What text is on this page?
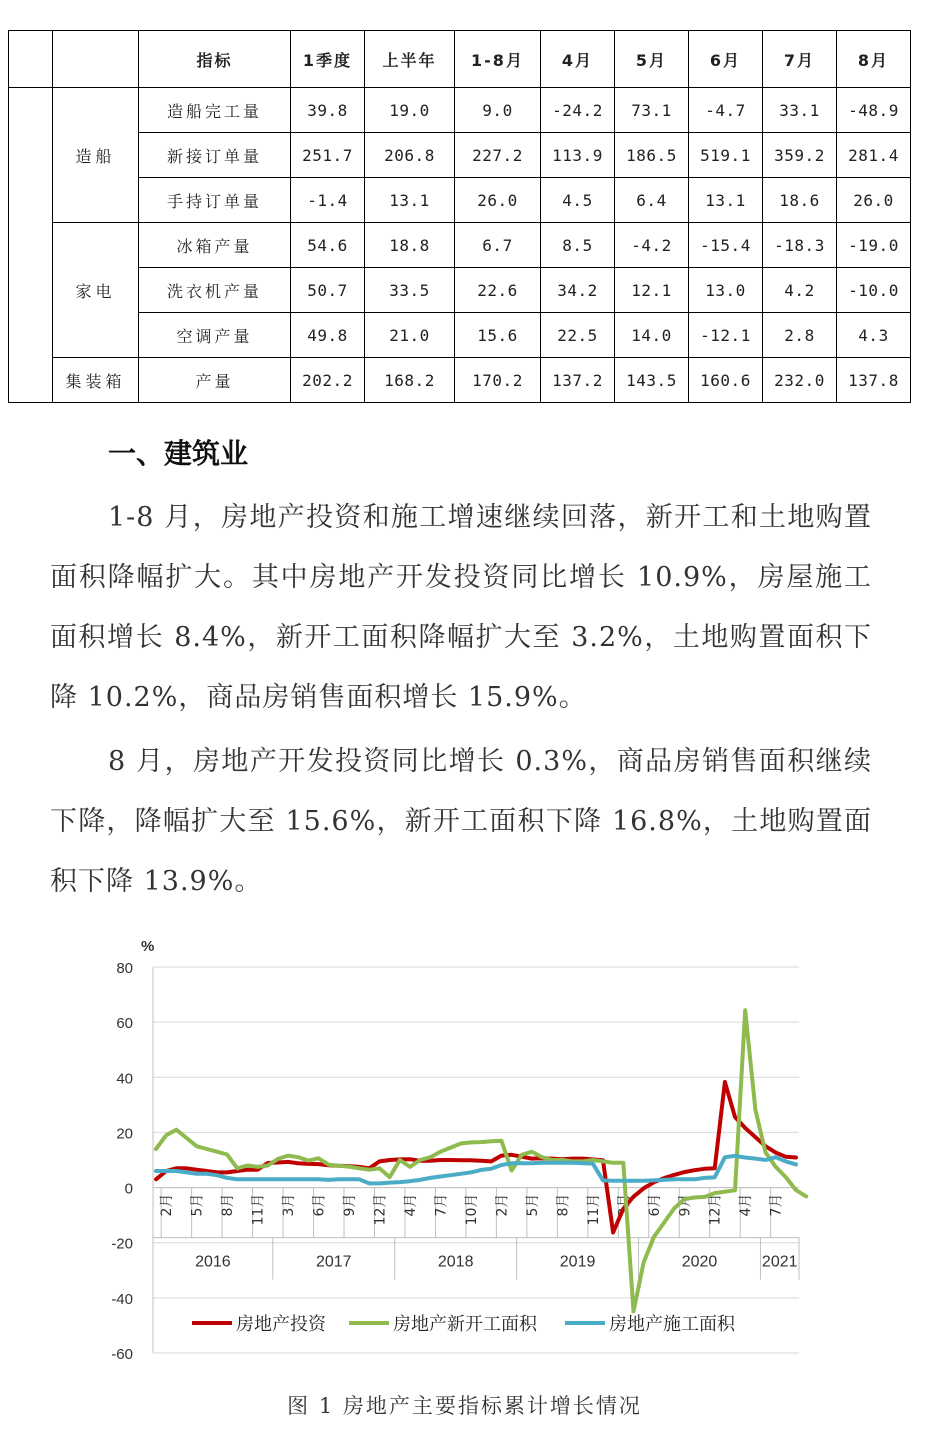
		指标	1季度	上半年	1-8月	4月	5月	6月	7月	8月
	造船	造船完工量	39.8	19.0	9.0	-24.2	73.1	-4.7	33.1	-48.9
		新接订单量	251.7	206.8	227.2	113.9	186.5	519.1	359.2	281.4
		手持订单量	-1.4	13.1	26.0	4.5	6.4	13.1	18.6	26.0
	家电	冰箱产量	54.6	18.8	6.7	8.5	-4.2	-15.4	-18.3	-19.0
		洗衣机产量	50.7	33.5	22.6	34.2	12.1	13.0	4.2	-10.0
		空调产量	49.8	21.0	15.6	22.5	14.0	-12.1	2.8	4.3
	集装箱	产量	202.2	168.2	170.2	137.2	143.5	160.6	232.0	137.8
一、建筑业

1-8 月，房地产投资和施工增速继续回落，新开工和土地购置面积降幅扩大。其中房地产开发投资同比增长 10.9%，房屋施工面积增长 8.4%，新开工面积降幅扩大至 3.2%，土地购置面积下降 10.2%，商品房销售面积增长 15.9%。

8 月，房地产开发投资同比增长 0.3%，商品房销售面积继续下降，降幅扩大至 15.6%，新开工面积下降 16.8%，土地购置面积下降 13.9%。

80
60
40
20
0
-20
-40
-60
%
2月 5月 8月 11月 3月 6月 9月 12月 4月 7月 10月 2月 5月 8月 11月 3月 6月 9月 12月 4月 7月
2016	2017	2018	2019	2020	2021
房地产投资	房地产新开工面积	房地产施工面积
图 1 房地产主要指标累计增长情况
